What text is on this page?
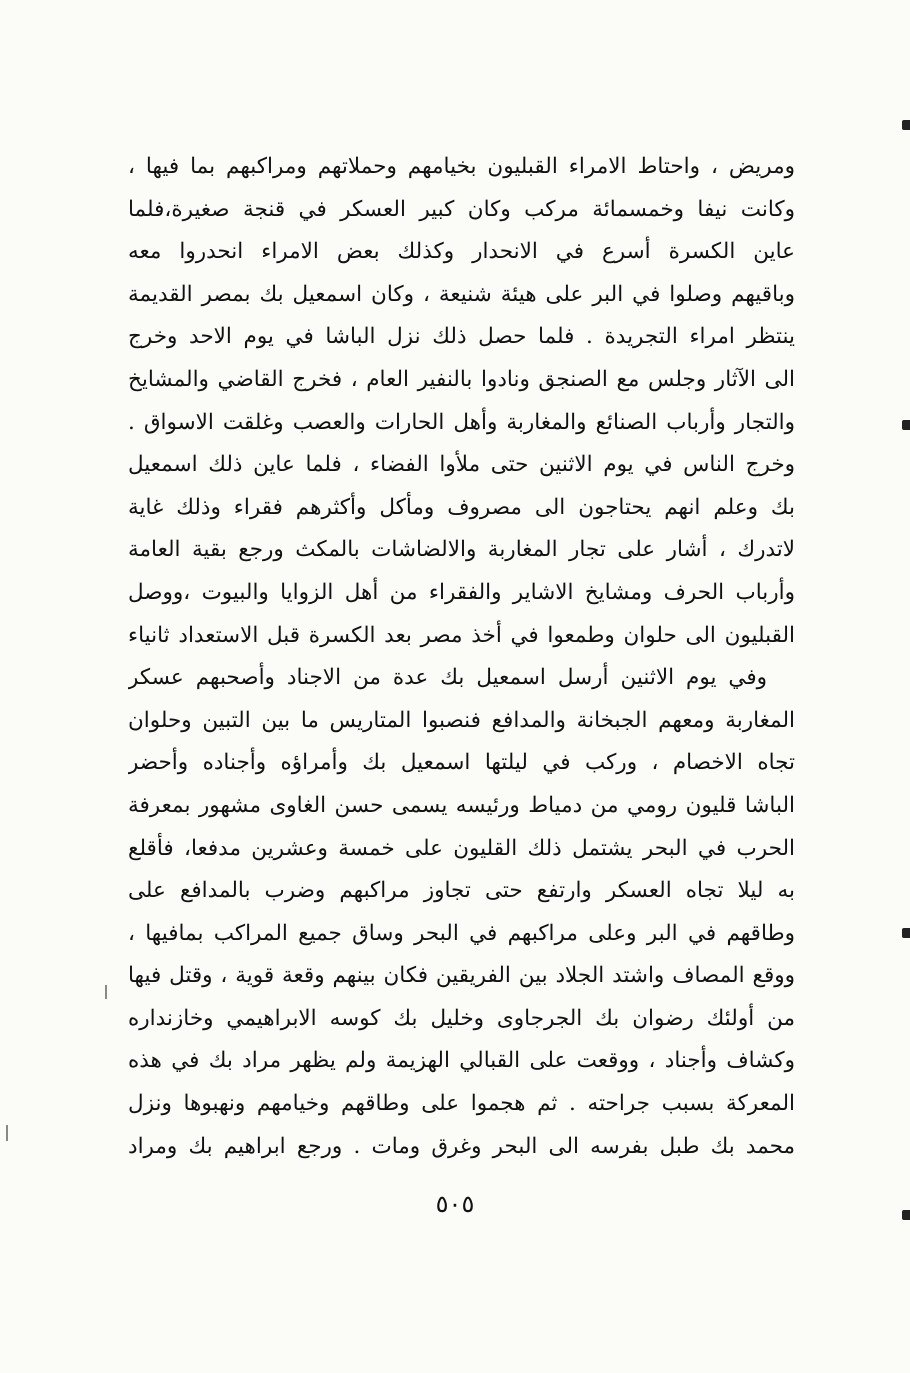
ومريض ، واحتاط الامراء القبليون بخيامهم وحملاتهم ومراكبهم بما فيها ،
وكانت نيفا وخمسمائة مركب وكان كبير العسكر في قنجة صغيرة،فلما
عاين الكسرة أسرع في الانحدار وكذلك بعض الامراء انحدروا معه
وباقيهم وصلوا في البر على هيئة شنيعة ، وكان اسمعيل بك بمصر القديمة
ينتظر امراء التجريدة . فلما حصل ذلك نزل الباشا في يوم الاحد وخرج
الى الآثار وجلس مع الصنجق ونادوا بالنفير العام ، فخرج القاضي والمشايخ
والتجار وأرباب الصنائع والمغاربة وأهل الحارات والعصب وغلقت الاسواق .
وخرج الناس في يوم الاثنين حتى ملأوا الفضاء ، فلما عاين ذلك اسمعيل
بك وعلم انهم يحتاجون الى مصروف ومأكل وأكثرهم فقراء وذلك غاية
لاتدرك ، أشار على تجار المغاربة والالضاشات بالمكث ورجع بقية العامة
وأرباب الحرف ومشايخ الاشاير والفقراء من أهل الزوايا والبيوت ،ووصل
القبليون الى حلوان وطمعوا في أخذ مصر بعد الكسرة قبل الاستعداد ثانياء
وفي يوم الاثنين أرسل اسمعيل بك عدة من الاجناد وأصحبهم عسكر
المغاربة ومعهم الجبخانة والمدافع فنصبوا المتاريس ما بين التبين وحلوان
تجاه الاخصام ، وركب في ليلتها اسمعيل بك وأمراؤه وأجناده وأحضر
الباشا قليون رومي من دمياط ورئيسه يسمى حسن الغاوى مشهور بمعرفة
الحرب في البحر يشتمل ذلك القليون على خمسة وعشرين مدفعا، فأقلع
به ليلا تجاه العسكر وارتفع حتى تجاوز مراكبهم وضرب بالمدافع على
وطاقهم في البر وعلى مراكبهم في البحر وساق جميع المراكب بمافيها ،
ووقع المصاف واشتد الجلاد بين الفريقين فكان بينهم وقعة قوية ، وقتل فيها
من أولئك رضوان بك الجرجاوى وخليل بك كوسه الابراهيمي وخازنداره
وكشاف وأجناد ، ووقعت على القبالي الهزيمة ولم يظهر مراد بك في هذه
المعركة بسبب جراحته . ثم هجموا على وطاقهم وخيامهم ونهبوها ونزل
محمد بك طبل بفرسه الى البحر وغرق ومات . ورجع ابراهيم بك ومراد
٥٠٥
